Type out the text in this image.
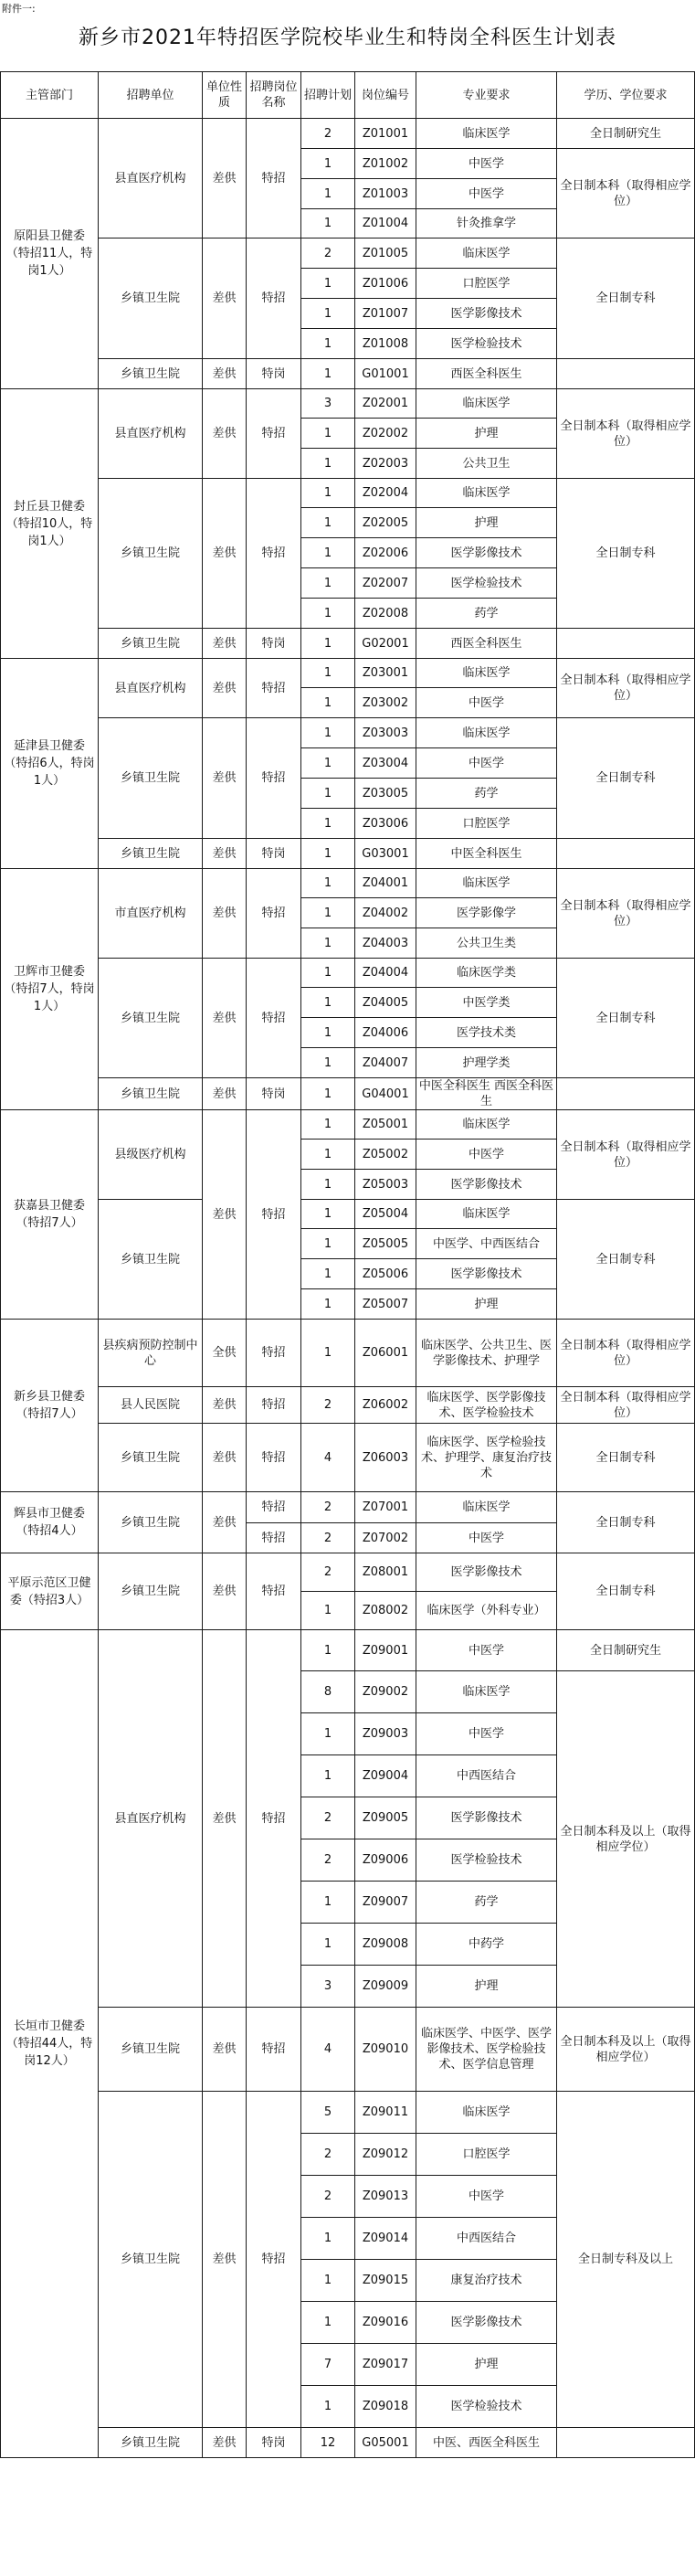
附件一:
新乡市2021年特招医学院校毕业生和特岗全科医生计划表
主管部门	招聘单位	单位性质	招聘岗位名称	招聘计划	岗位编号	专业要求	学历、学位要求
原阳县卫健委（特招11人，特岗1人）	县直医疗机构	差供	特招	2	Z01001	临床医学	全日制研究生
				1	Z01002	中医学	全日制本科（取得相应学位）
				1	Z01003	中医学	
				1	Z01004	针灸推拿学	
	乡镇卫生院	差供	特招	2	Z01005	临床医学	全日制专科
				1	Z01006	口腔医学	
				1	Z01007	医学影像技术	
				1	Z01008	医学检验技术	
	乡镇卫生院	差供	特岗	1	G01001	西医全科医生	
封丘县卫健委（特招10人，特岗1人）	县直医疗机构	差供	特招	3	Z02001	临床医学	全日制本科（取得相应学位）
				1	Z02002	护理	
				1	Z02003	公共卫生	
	乡镇卫生院	差供	特招	1	Z02004	临床医学	全日制专科
				1	Z02005	护理	
				1	Z02006	医学影像技术	
				1	Z02007	医学检验技术	
				1	Z02008	药学	
	乡镇卫生院	差供	特岗	1	G02001	西医全科医生	
延津县卫健委（特招6人，特岗1人）	县直医疗机构	差供	特招	1	Z03001	临床医学	全日制本科（取得相应学位）
				1	Z03002	中医学	
	乡镇卫生院	差供	特招	1	Z03003	临床医学	全日制专科
				1	Z03004	中医学	
				1	Z03005	药学	
				1	Z03006	口腔医学	
	乡镇卫生院	差供	特岗	1	G03001	中医全科医生	
卫辉市卫健委（特招7人，特岗1人）	市直医疗机构	差供	特招	1	Z04001	临床医学	全日制本科（取得相应学位）
				1	Z04002	医学影像学	
				1	Z04003	公共卫生类	
	乡镇卫生院	差供	特招	1	Z04004	临床医学类	全日制专科
				1	Z04005	中医学类	
				1	Z04006	医学技术类	
				1	Z04007	护理学类	
	乡镇卫生院	差供	特岗	1	G04001	中医全科医生 西医全科医生	
获嘉县卫健委（特招7人）	县级医疗机构	差供	特招	1	Z05001	临床医学	全日制本科（取得相应学位）
				1	Z05002	中医学	
				1	Z05003	医学影像技术	
	乡镇卫生院			1	Z05004	临床医学	全日制专科
				1	Z05005	中医学、中西医结合	
				1	Z05006	医学影像技术	
				1	Z05007	护理	
新乡县卫健委（特招7人）	县疾病预防控制中心	全供	特招	1	Z06001	临床医学、公共卫生、医学影像技术、护理学	全日制本科（取得相应学位）
	县人民医院	差供	特招	2	Z06002	临床医学、医学影像技术、医学检验技术	全日制本科（取得相应学位）
	乡镇卫生院	差供	特招	4	Z06003	临床医学、医学检验技术、护理学、康复治疗技术	全日制专科
辉县市卫健委（特招4人）	乡镇卫生院	差供	特招	2	Z07001	临床医学	全日制专科
			特招	2	Z07002	中医学	
平原示范区卫健委（特招3人）	乡镇卫生院	差供	特招	2	Z08001	医学影像技术	全日制专科
				1	Z08002	临床医学（外科专业）	
长垣市卫健委（特招44人，特岗12人）	县直医疗机构	差供	特招	1	Z09001	中医学	全日制研究生
				8	Z09002	临床医学	全日制本科及以上（取得相应学位）
				1	Z09003	中医学	
				1	Z09004	中西医结合	
				2	Z09005	医学影像技术	
				2	Z09006	医学检验技术	
				1	Z09007	药学	
				1	Z09008	中药学	
				3	Z09009	护理	
	乡镇卫生院	差供	特招	4	Z09010	临床医学、中医学、医学影像技术、医学检验技术、医学信息管理	全日制本科及以上（取得相应学位）
	乡镇卫生院	差供	特招	5	Z09011	临床医学	全日制专科及以上
				2	Z09012	口腔医学	
				2	Z09013	中医学	
				1	Z09014	中西医结合	
				1	Z09015	康复治疗技术	
				1	Z09016	医学影像技术	
				7	Z09017	护理	
				1	Z09018	医学检验技术	
	乡镇卫生院	差供	特岗	12	G05001	中医、西医全科医生	
